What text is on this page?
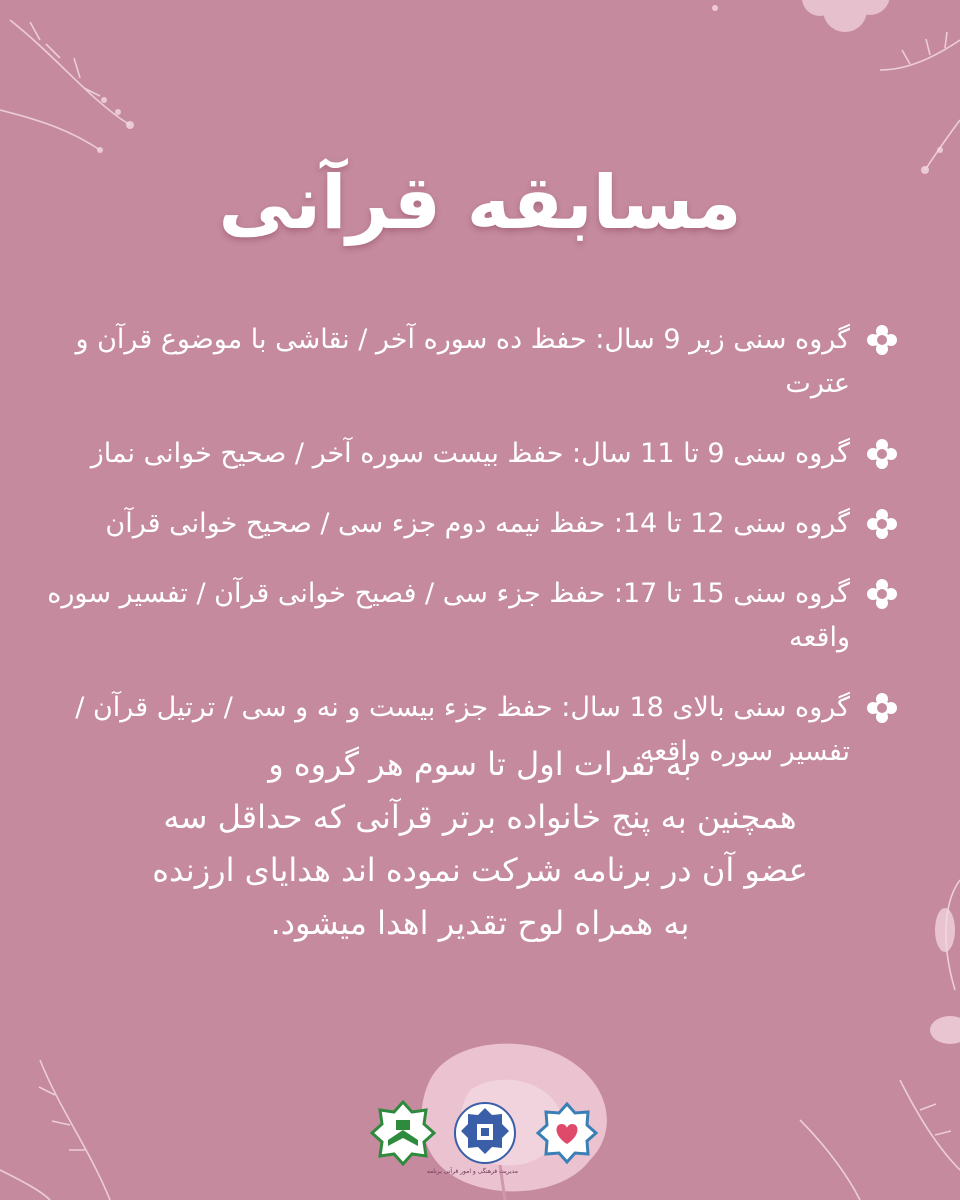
مسابقه قرآنی
گروه سنی زیر 9 سال: حفظ ده سوره آخر / نقاشی با موضوع قرآن و عترت
گروه سنی 9 تا 11 سال: حفظ بیست سوره آخر / صحیح خوانی نماز
گروه سنی 12 تا 14: حفظ نیمه دوم جزء سی / صحیح خوانی قرآن
گروه سنی 15 تا 17: حفظ جزء سی / فصیح خوانی قرآن / تفسیر سوره واقعه
گروه سنی بالای 18 سال: حفظ جزء بیست و نه و سی / ترتیل قرآن / تفسیر سوره واقعه
به نفرات اول تا سوم هر گروه و
همچنین به پنج خانواده برتر قرآنی که حداقل سه
عضو آن در برنامه شرکت نموده اند هدایای ارزنده
به همراه لوح تقدیر اهدا میشود.
مدیریت فرهنگی و امور قرآنی برنامه
